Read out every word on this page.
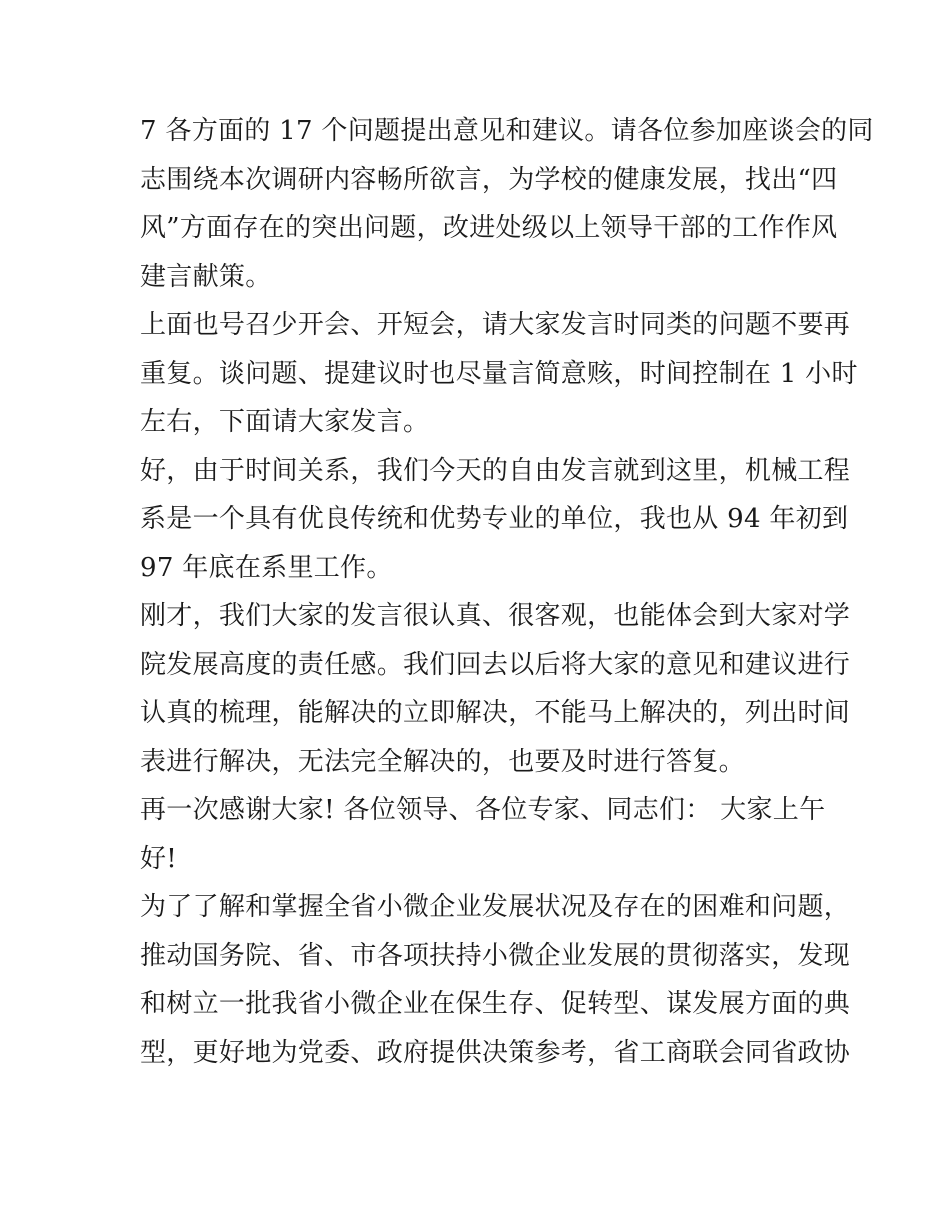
7 各方面的 17 个问题提出意见和建议。请各位参加座谈会的同
志围绕本次调研内容畅所欲言，为学校的健康发展，找出“四
风”方面存在的突出问题，改进处级以上领导干部的工作作风
建言献策。

上面也号召少开会、开短会，请大家发言时同类的问题不要再
重复。谈问题、提建议时也尽量言简意赅，时间控制在 1 小时
左右，下面请大家发言。

好，由于时间关系，我们今天的自由发言就到这里，机械工程
系是一个具有优良传统和优势专业的单位，我也从 94 年初到
97 年底在系里工作。

刚才，我们大家的发言很认真、很客观，也能体会到大家对学
院发展高度的责任感。我们回去以后将大家的意见和建议进行
认真的梳理，能解决的立即解决，不能马上解决的，列出时间
表进行解决，无法完全解决的，也要及时进行答复。

再一次感谢大家! 各位领导、各位专家、同志们： 大家上午
好!

为了了解和掌握全省小微企业发展状况及存在的困难和问题，
推动国务院、省、市各项扶持小微企业发展的贯彻落实，发现
和树立一批我省小微企业在保生存、促转型、谋发展方面的典
型，更好地为党委、政府提供决策参考，省工商联会同省政协
